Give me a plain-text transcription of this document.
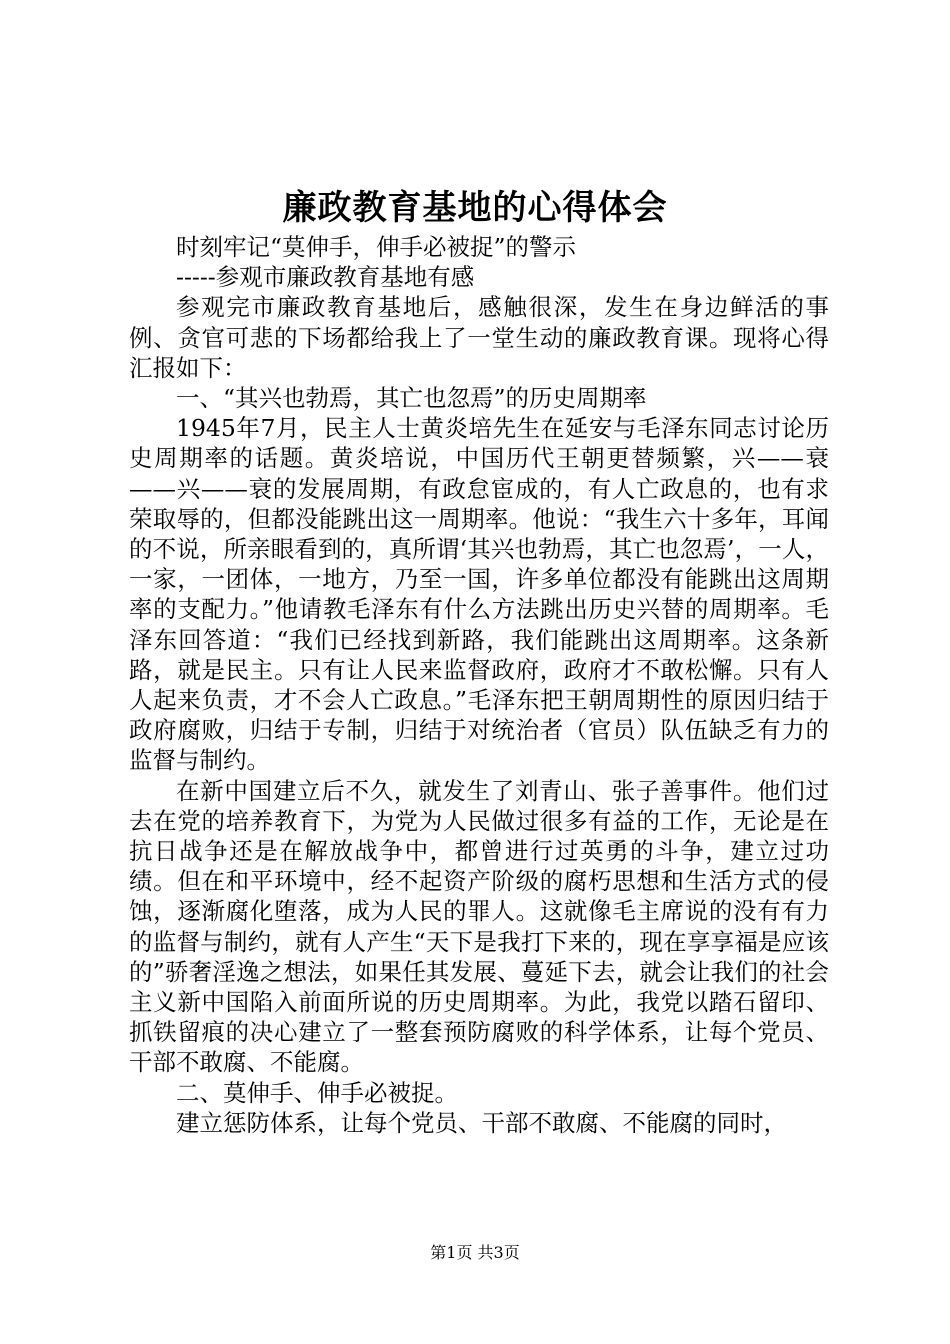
廉政教育基地的心得体会

时刻牢记“莫伸手，伸手必被捉”的警示

-----参观市廉政教育基地有感

参观完市廉政教育基地后，感触很深，发生在身边鲜活的事例、贪官可悲的下场都给我上了一堂生动的廉政教育课。现将心得汇报如下：

一、“其兴也勃焉，其亡也忽焉”的历史周期率

1945年7月，民主人士黄炎培先生在延安与毛泽东同志讨论历史周期率的话题。黄炎培说，中国历代王朝更替频繁，兴——衰——兴——衰的发展周期，有政怠宦成的，有人亡政息的，也有求荣取辱的，但都没能跳出这一周期率。他说：“我生六十多年，耳闻的不说，所亲眼看到的，真所谓‘其兴也勃焉，其亡也忽焉’，一人，一家，一团体，一地方，乃至一国，许多单位都没有能跳出这周期率的支配力。”他请教毛泽东有什么方法跳出历史兴替的周期率。毛泽东回答道：“我们已经找到新路，我们能跳出这周期率。这条新路，就是民主。只有让人民来监督政府，政府才不敢松懈。只有人人起来负责，才不会人亡政息。”毛泽东把王朝周期性的原因归结于政府腐败，归结于专制，归结于对统治者（官员）队伍缺乏有力的监督与制约。

在新中国建立后不久，就发生了刘青山、张子善事件。他们过去在党的培养教育下，为党为人民做过很多有益的工作，无论是在抗日战争还是在解放战争中，都曾进行过英勇的斗争，建立过功绩。但在和平环境中，经不起资产阶级的腐朽思想和生活方式的侵蚀，逐渐腐化堕落，成为人民的罪人。这就像毛主席说的没有有力的监督与制约，就有人产生“天下是我打下来的，现在享享福是应该的”骄奢淫逸之想法，如果任其发展、蔓延下去，就会让我们的社会主义新中国陷入前面所说的历史周期率。为此，我党以踏石留印、抓铁留痕的决心建立了一整套预防腐败的科学体系，让每个党员、干部不敢腐、不能腐。

二、莫伸手、伸手必被捉。

建立惩防体系，让每个党员、干部不敢腐、不能腐的同时，

第1页 共3页
